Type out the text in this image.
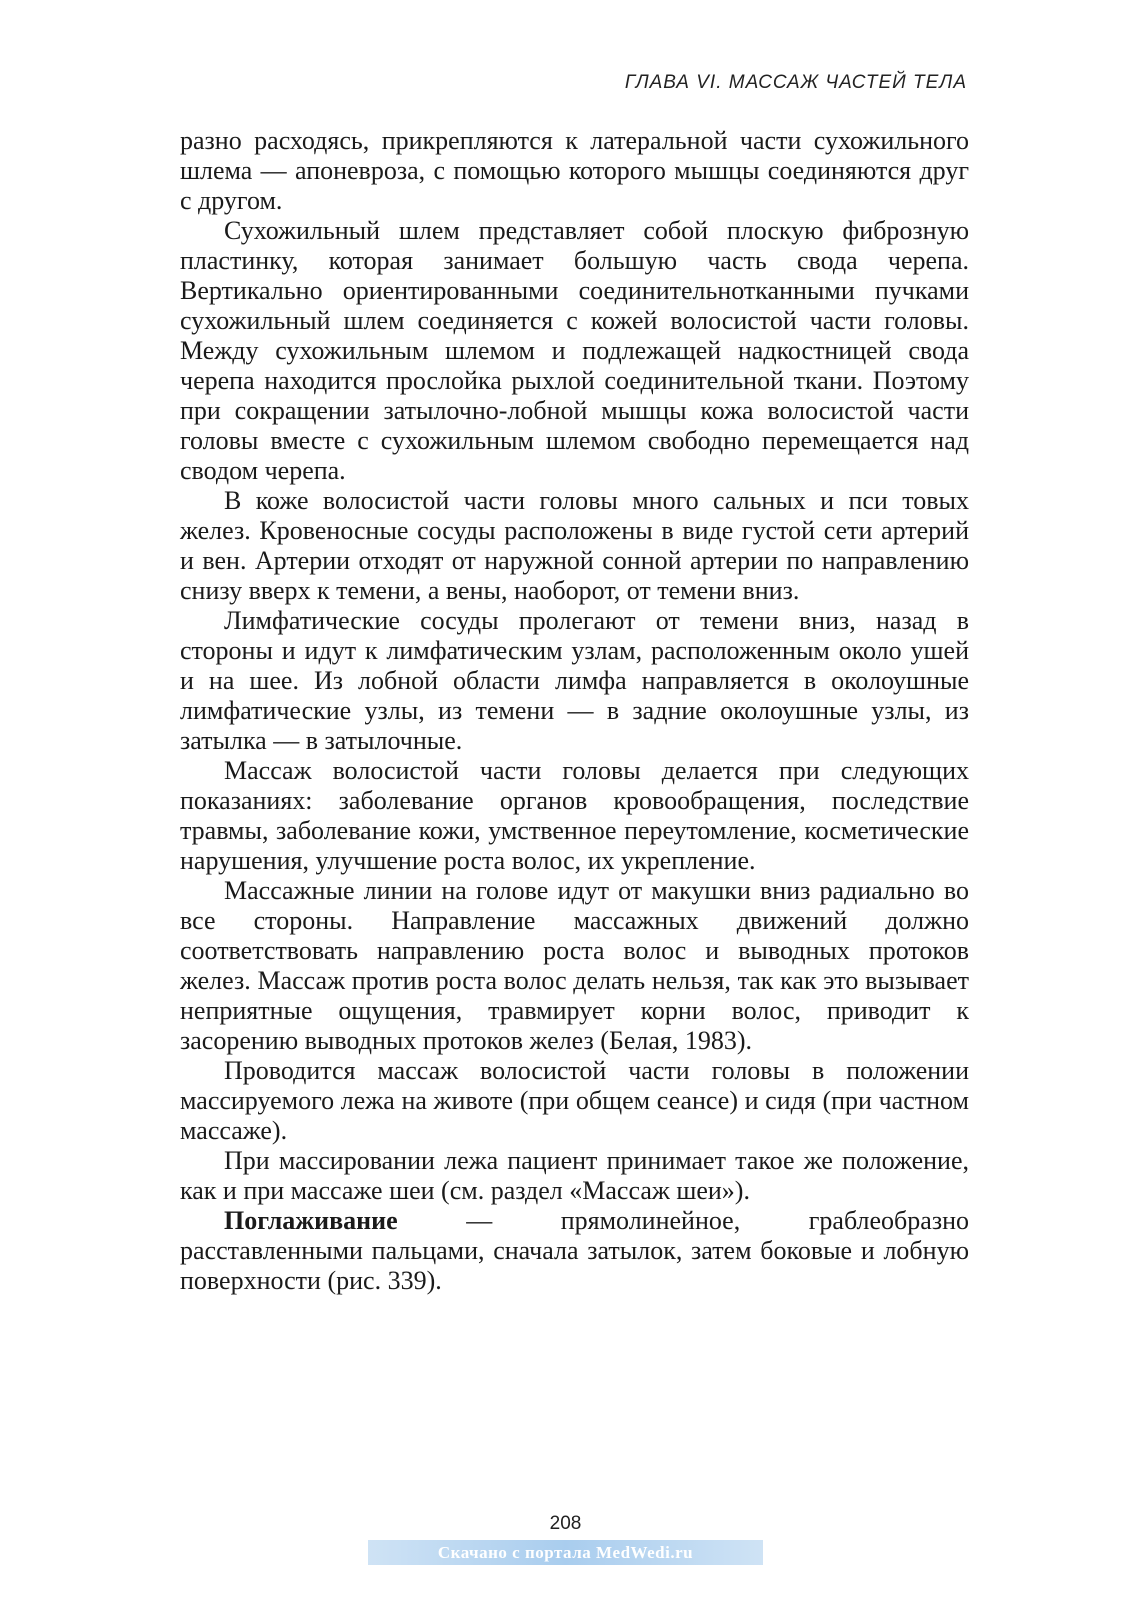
ГЛАВА VI. МАССАЖ ЧАСТЕЙ ТЕЛА

разно расходясь, прикрепляются к латеральной части сухожильного шлема — апоневроза, с помощью которого мышцы соединяются друг с другом.

Сухожильный шлем представляет собой плоскую фиброзную пластинку, которая занимает большую часть свода черепа. Вертикально ориентированными соединительнотканными пучками сухожильный шлем соединяется с кожей волосистой части головы. Между сухожильным шлемом и подлежащей надкостницей свода черепа находится прослойка рыхлой соединительной ткани. Поэтому при сокращении затылочно-лобной мышцы кожа волосистой части головы вместе с сухожильным шлемом свободно перемещается над сводом черепа.

В коже волосистой части головы много сальных и пси товых желез. Кровеносные сосуды расположены в виде густой сети артерий и вен. Артерии отходят от наружной сонной артерии по направлению снизу вверх к темени, а вены, наоборот, от темени вниз.

Лимфатические сосуды пролегают от темени вниз, назад в стороны и идут к лимфатическим узлам, расположенным около ушей и на шее. Из лобной области лимфа направляется в околоушные лимфатические узлы, из темени — в задние околоушные узлы, из затылка — в затылочные.

Массаж волосистой части головы делается при следующих показаниях: заболевание органов кровообращения, последствие травмы, заболевание кожи, умственное переутомление, косметические нарушения, улучшение роста волос, их укрепление.

Массажные линии на голове идут от макушки вниз радиально во все стороны. Направление массажных движений должно соответствовать направлению роста волос и выводных протоков желез. Массаж против роста волос делать нельзя, так как это вызывает неприятные ощущения, травмирует корни волос, приводит к засорению выводных протоков желез (Белая, 1983).

Проводится массаж волосистой части головы в положении массируемого лежа на животе (при общем сеансе) и сидя (при частном массаже).

При массировании лежа пациент принимает такое же положение, как и при массаже шеи (см. раздел «Массаж шеи»).

Поглаживание — прямолинейное, граблеобразно расставленными пальцами, сначала затылок, затем боковые и лобную поверхности (рис. 339).

208
Скачано с портала MedWedi.ru
